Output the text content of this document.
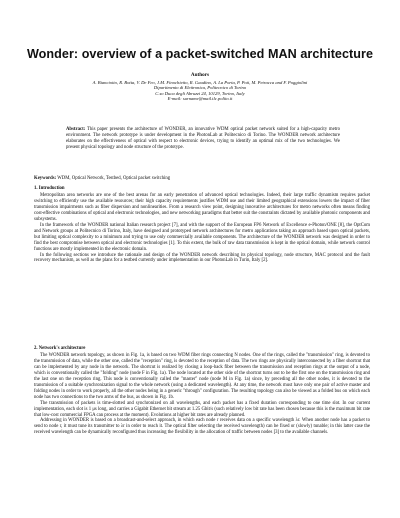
Wonder: overview of a packet-switched MAN architecture
Authors
A. Bianciotto, R. Botta, V. De Feo, J.M. Finochietto, R. Gaudino, A. La Porta, P. Poti, M. Petracca and F. Poggiolini
Dipartimento di Elettronica, Politecnico di Torino
C.so Duca degli Abruzzi 24, 10129, Torino, Italy
E-mail: surname@mail.tlc.polito.it
Abstract: This paper presents the architecture of WONDER, an innovative WDM optical packet network suited for a high-capacity metro environment. The network prototype is under development in the PhotonLab at Politecnico di Torino. The WONDER network architecture elaborates on the effectiveness of optical with respect to electronic devices, trying to identify an optimal mix of the two technologies. We present physical topology and node structure of the prototype.
Keywords: WDM, Optical Network, Testbed, Optical packet switching
1. Introduction

Metropolitan area networks are one of the best arenas for an early penetration of advanced optical technologies. Indeed, their large traffic dynamism requires packet switching to efficiently use the available resources; their high capacity requirements justifies WDM use and their limited geographical extensions lowers the impact of fiber transmission impairments such as fiber dispersion and nonlinearities. From a research view point, designing innovative architectures for metro networks often means finding cost-effective combinations of optical and electronic technologies, and new networking paradigms that better suit the constraints dictated by available photonic components and subsystems.

In the framework of the WONDER national Italian research project [7], and with the support of the European FP6 Network of Excellence e-Photon/ONE [8], the OptCom and Network groups at Politecnico di Torino, Italy, have designed and prototyped network architectures for metro applications taking an approach based upon optical packets, but limiting optical complexity to a minimum and trying to use only commercially available components. The architecture of the WONDER network was designed in order to find the best compromise between optical and electronic technologies [1]. To this extent, the bulk of raw data transmission is kept in the optical domain, while network control functions are mostly implemented in the electronic domain.

In the following sections we introduce the rationale and design of the WONDER network describing its physical topology, node structure, MAC protocol and the fault recovery mechanism, as well as the plans for a testbed currently under implementation in our PhotonLab in Turin, Italy [2].

2. Network's architecture

The WONDER network topology, as shown in Fig. 1a, is based on two WDM fiber rings connecting N nodes. One of the rings, called the "transmission" ring, is devoted to the transmission of data, while the other one, called the "reception" ring, is devoted to the reception of data. The two rings are physically interconnected by a fiber shortcut that can be implemented by any node in the network. The shortcut is realized by closing a loop-back fiber between the transmission and reception rings at the output of a node, which is conventionally called the "folding" node (node F in Fig. 1a). The node located at the other side of the shortcut turns out to be the first one on the transmission ring and the last one on the reception ring. This node is conventionally called the "master" node (node M in Fig. 1a) since, by preceding all the other nodes, it is devoted to the transmission of a suitable synchronization signal to the whole network (using a dedicated wavelength). At any time, the network must have only one pair of active master and folding nodes in order to work properly, all the other nodes being in a generic "through" configuration. The resulting topology can also be viewed as a folded bus on which each node has two connections to the two arms of the bus, as shown in Fig. 1b.

The transmission of packets is time-slotted and synchronized on all wavelengths, and each packet has a fixed duration corresponding to one time slot. In our current implementation, each slot is 1 μs long, and carries a Gigabit Ethernet bit stream at 1.25 Gbit/s (such relatively low bit rate has been chosen because this is the maximum bit rate that low-cost commercial FPGA can process at the moment). Evolutions at higher bit rates are already planned.

Addressing in WONDER is based on a broadcast-and-select approach, in which each node r receives data on a specific wavelength λr. When another node has a packet to send to node r, it must tune its transmitter to λr in order to reach it. The optical filter selecting the received wavelength) can be fixed or (slowly) tunable; in this latter case the received wavelength can be dynamically reconfigured thus increasing the flexibility in the allocation of traffic between nodes [3] to the available channels.
